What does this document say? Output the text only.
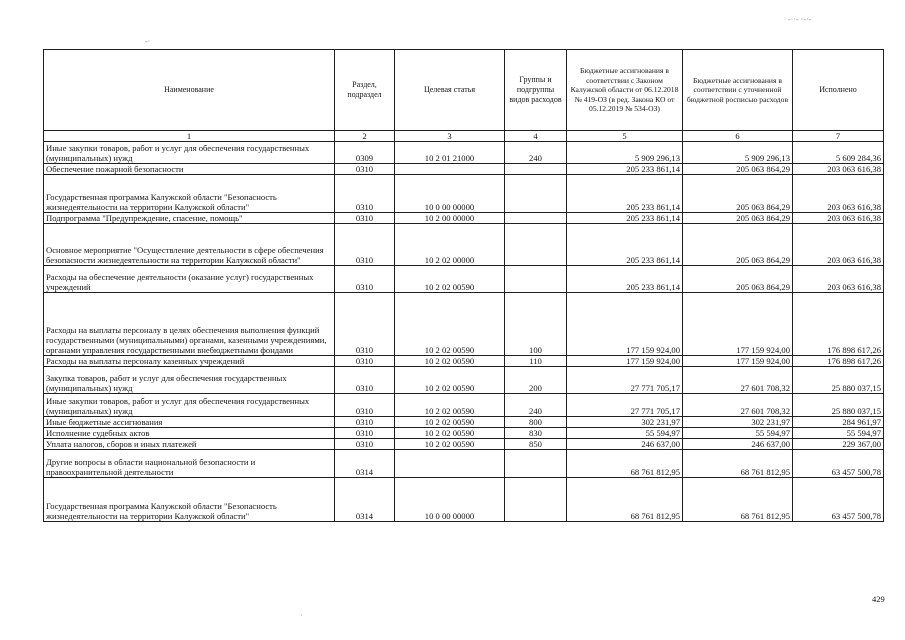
-··- ·-·-
-·
·
Наименование	Раздел, подраздел	Целевая статья	Группы и подгруппы видов расходов	Бюджетные ассигнования в соответствии с Законом Калужской области от 06.12.2018 № 419-ОЗ (в ред. Закона КО от 05.12.2019 № 534-ОЗ)	Бюджетные ассигнования в соответствии с уточненной бюджетной росписью расходов	Исполнено
1	2	3	4	5	6	7
Иные закупки товаров, работ и услуг для обеспечения государственных (муниципальных) нужд	0309	10 2 01 21000	240	5 909 296,13	5 909 296,13	5 609 284,36
Обеспечение пожарной безопасности	0310			205 233 861,14	205 063 864,29	203 063 616,38
Государственная программа Калужской области "Безопасность жизнедеятельности на территории Калужской области"	0310	10 0 00 00000		205 233 861,14	205 063 864,29	203 063 616,38
Подпрограмма "Предупреждение, спасение, помощь"	0310	10 2 00 00000		205 233 861,14	205 063 864,29	203 063 616,38
Основное мероприятие "Осуществление деятельности в сфере обеспечения безопасности жизнедеятельности на территории Калужской области"	0310	10 2 02 00000		205 233 861,14	205 063 864,29	203 063 616,38
Расходы на обеспечение деятельности (оказание услуг) государственных учреждений	0310	10 2 02 00590		205 233 861,14	205 063 864,29	203 063 616,38
Расходы на выплаты персоналу в целях обеспечения выполнения функций государственными (муниципальными) органами, казенными учреждениями, органами управления государственными внебюджетными фондами	0310	10 2 02 00590	100	177 159 924,00	177 159 924,00	176 898 617,26
Расходы на выплаты персоналу казенных учреждений	0310	10 2 02 00590	110	177 159 924,00	177 159 924,00	176 898 617,26
Закупка товаров, работ и услуг для обеспечения государственных (муниципальных) нужд	0310	10 2 02 00590	200	27 771 705,17	27 601 708,32	25 880 037,15
Иные закупки товаров, работ и услуг для обеспечения государственных (муниципальных) нужд	0310	10 2 02 00590	240	27 771 705,17	27 601 708,32	25 880 037,15
Иные бюджетные ассигнования	0310	10 2 02 00590	800	302 231,97	302 231,97	284 961,97
Исполнение судебных актов	0310	10 2 02 00590	830	55 594,97	55 594,97	55 594,97
Уплата налогов, сборов и иных платежей	0310	10 2 02 00590	850	246 637,00	246 637,00	229 367,00
Другие вопросы в области национальной безопасности и правоохранительной деятельности	0314			68 761 812,95	68 761 812,95	63 457 500,78
Государственная программа Калужской области "Безопасность жизнедеятельности на территории Калужской области"	0314	10 0 00 00000		68 761 812,95	68 761 812,95	63 457 500,78
429
